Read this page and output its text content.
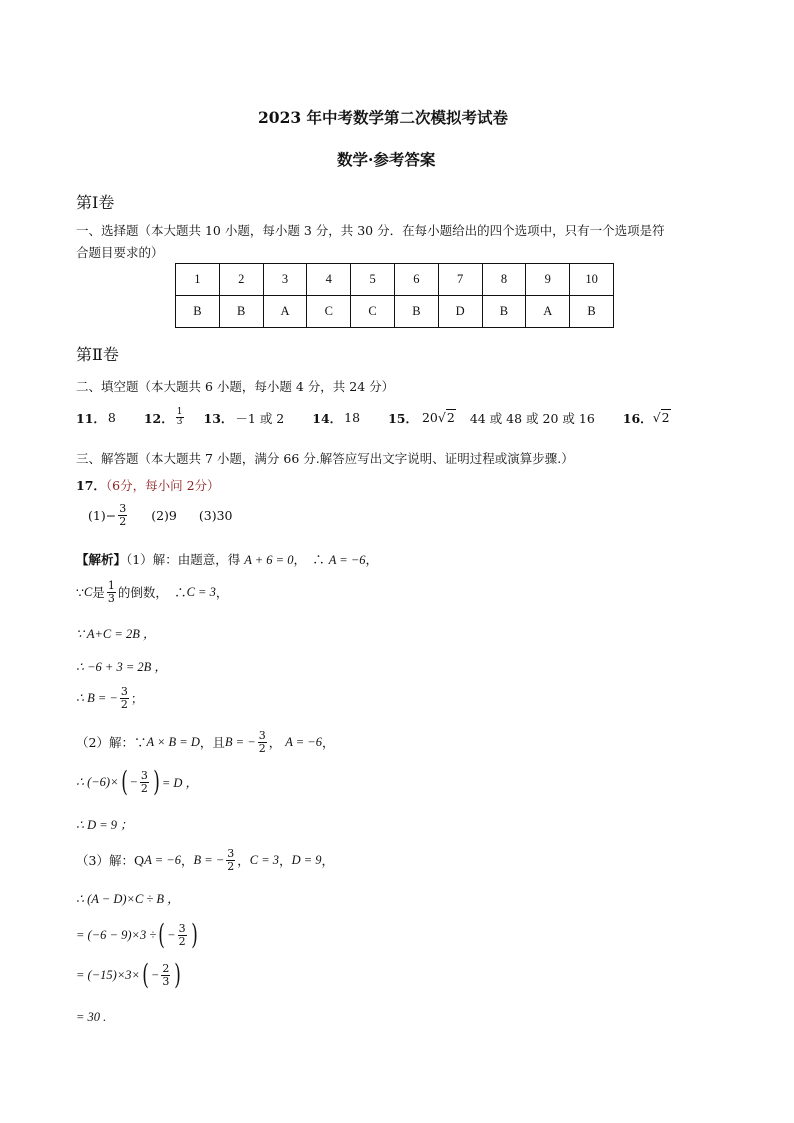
2023 年中考数学第二次模拟考试卷
数学·参考答案
第Ⅰ卷
一、选择题（本大题共 10 小题，每小题 3 分，共 30 分．在每小题给出的四个选项中，只有一个选项是符
合题目要求的）
1	2	3	4	5	6	7	8	9	10
B	B	A	C	C	B	D	B	A	B
第Ⅱ卷
二、填空题（本大题共 6 小题，每小题 4 分，共 24 分）
11． 8 12． $\frac{1}{3} 13$． －1 或 2 14． 18 15． 20 √2 44 或 48 或 20 或 16 16． √2
三、解答题（本大题共 7 小题，满分 66 分.解答应写出文字说明、证明过程或演算步骤.）
17．（6分，每小问 2分）
$(1)- \frac{3}{2} (2)9$ (3)30
【解析】（1）解：由题意，得 A + 6 = 0，　∴ A = −6，
∵ C 是 $\frac{1}{3}$ 的倒数，　∴ C = 3 ，
∵ A+C = 2B ，
∴ −6 + 3 = 2B ，
∴ B = − $\frac{3}{2}$ ；
（2）解：∵ A × B = D ，且 B = − $\frac{3}{2}$ ， A = −6 ，
∴ (−6)× ( − $\frac{3}{2}$ ) = D ，
∴ D = 9 ；
（3）解：Q A = −6 ， B = − $\frac{3}{2}$ ， C = 3 ， D = 9 ，
∴ (A − D)×C ÷ B ，
= (−6 − 9)×3 ÷ ( − $\frac{3}{2}$ )
= (−15)×3× ( − $\frac{2}{3}$ )
= 30 .
